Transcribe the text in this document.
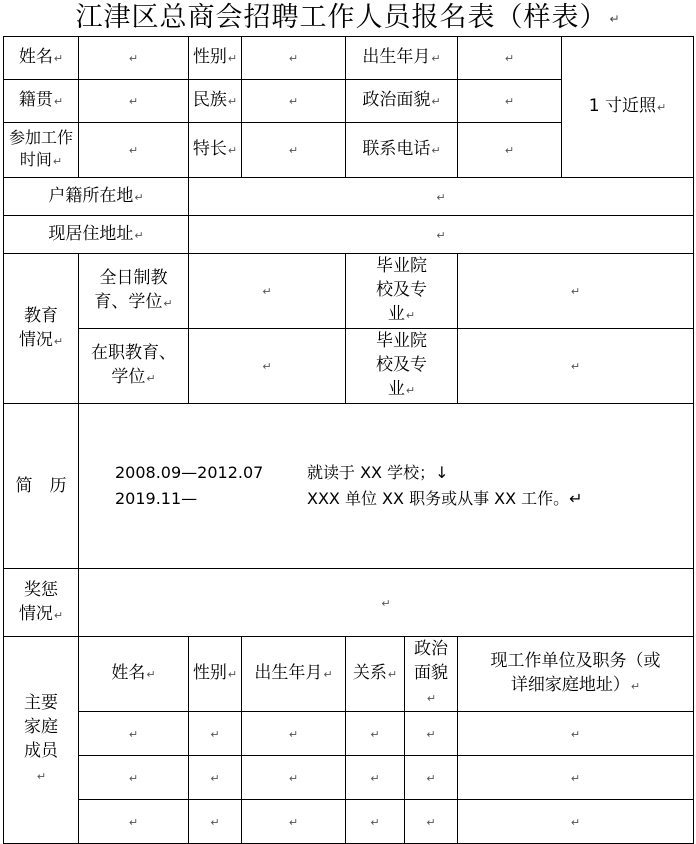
江津区总商会招聘工作人员报名表（样表） ↵
姓名↵	↵	性别↵	↵	出生年月↵		↵	1 寸近照↵
籍贯↵	↵	民族↵	↵	政治面貌↵		↵	
参加工作时间↵	↵	特长↵	↵	联系电话↵		↵	
户籍所在地↵		↵					
现居住地址↵		↵					
教育情况↵	全日制教育、学位↵	↵		毕业院校及专业↵		↵	
	在职教育、学位↵	↵		毕业院校及专业↵		↵	
简　历	2008.09—2012.07 就读于 XX 学校；↓
2019.11— XXX 单位 XX 职务或从事 XX 工作。↵						

奖惩情况↵	↵						
主要家庭成员↵	姓名↵	性别↵	出生年月↵	关系↵	政治面貌↵	现工作单位及职务（或详细家庭地址）↵	
	↵	↵	↵	↵	↵	↵	
	↵	↵	↵	↵	↵	↵	
	↵	↵	↵	↵	↵	↵	
